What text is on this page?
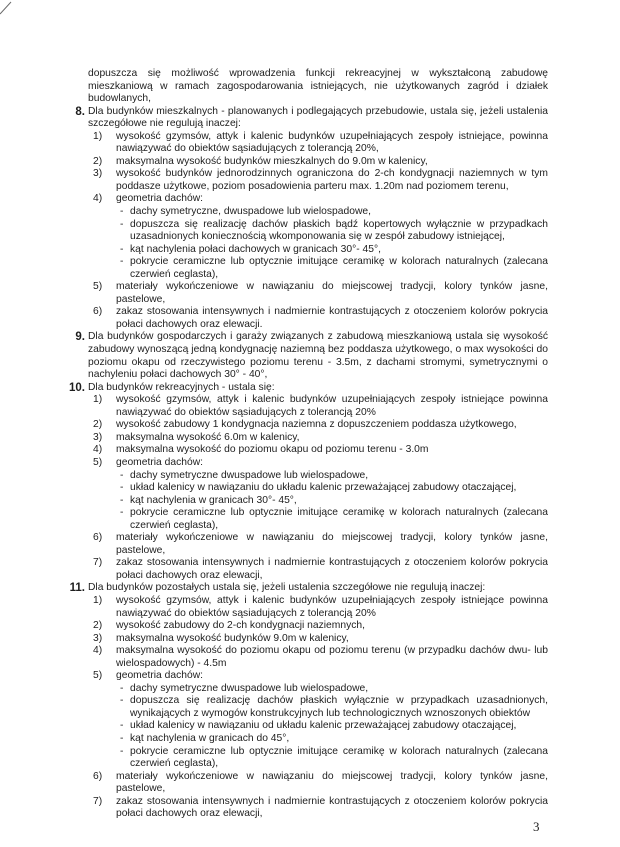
dopuszcza się możliwość wprowadzenia funkcji rekreacyjnej w wykształconą zabudowę mieszkaniową w ramach zagospodarowania istniejących, nie użytkowanych zagród i działek budowlanych,

8. Dla budynków mieszkalnych - planowanych i podlegających przebudowie, ustala się, jeżeli ustalenia szczegółowe nie regulują inaczej:

1) wysokość gzymsów, attyk i kalenic budynków uzupełniających zespoły istniejące, powinna nawiązywać do obiektów sąsiadujących z tolerancją 20%,
2) maksymalna wysokość budynków mieszkalnych do 9.0m w kalenicy,
3) wysokość budynków jednorodzinnych ograniczona do 2-ch kondygnacji naziemnych w tym poddasze użytkowe, poziom posadowienia parteru max. 1.20m nad poziomem terenu,
4) geometria dachów:

- dachy symetryczne, dwuspadowe lub wielospadowe,

- dopuszcza się realizację dachów płaskich bądź kopertowych wyłącznie w przypadkach uzasadnionych koniecznością wkomponowania się w zespół zabudowy istniejącej,

- kąt nachylenia połaci dachowych w granicach 30°- 45°,

- pokrycie ceramiczne lub optycznie imitujące ceramikę w kolorach naturalnych (zalecana czerwień ceglasta),

5) materiały wykończeniowe w nawiązaniu do miejscowej tradycji, kolory tynków jasne, pastelowe,
6) zakaz stosowania intensywnych i nadmiernie kontrastujących z otoczeniem kolorów pokrycia połaci dachowych oraz elewacji.
9. Dla budynków gospodarczych i garaży związanych z zabudową mieszkaniową ustala się wysokość zabudowy wynoszącą jedną kondygnację naziemną bez poddasza użytkowego, o max wysokości do poziomu okapu od rzeczywistego poziomu terenu - 3.5m, z dachami stromymi, symetrycznymi o nachyleniu połaci dachowych 30° - 40°,

10. Dla budynków rekreacyjnych - ustala się:

1) wysokość gzymsów, attyk i kalenic budynków uzupełniających zespoły istniejące powinna nawiązywać do obiektów sąsiadujących z tolerancją 20%
2) wysokość zabudowy 1 kondygnacja naziemna z dopuszczeniem poddasza użytkowego,
3) maksymalna wysokość 6.0m w kalenicy,
4) maksymalna wysokość do poziomu okapu od poziomu terenu - 3.0m
5) geometria dachów:

- dachy symetryczne dwuspadowe lub wielospadowe,

- układ kalenicy w nawiązaniu do układu kalenic przeważającej zabudowy otaczającej,

- kąt nachylenia w granicach 30°- 45°,

- pokrycie ceramiczne lub optycznie imitujące ceramikę w kolorach naturalnych (zalecana czerwień ceglasta),

6) materiały wykończeniowe w nawiązaniu do miejscowej tradycji, kolory tynków jasne, pastelowe,
7) zakaz stosowania intensywnych i nadmiernie kontrastujących z otoczeniem kolorów pokrycia połaci dachowych oraz elewacji,
11. Dla budynków pozostałych ustala się, jeżeli ustalenia szczegółowe nie regulują inaczej:

1) wysokość gzymsów, attyk i kalenic budynków uzupełniających zespoły istniejące powinna nawiązywać do obiektów sąsiadujących z tolerancją 20%
2) wysokość zabudowy do 2-ch kondygnacji naziemnych,
3) maksymalna wysokość budynków 9.0m w kalenicy,
4) maksymalna wysokość do poziomu okapu od poziomu terenu (w przypadku dachów dwu- lub wielospadowych) - 4.5m
5) geometria dachów:

- dachy symetryczne dwuspadowe lub wielospadowe,

- dopuszcza się realizację dachów płaskich wyłącznie w przypadkach uzasadnionych, wynikających z wymogów konstrukcyjnych lub technologicznych wznoszonych obiektów

- układ kalenicy w nawiązaniu od układu kalenic przeważającej zabudowy otaczającej,

- kąt nachylenia w granicach do 45°,

- pokrycie ceramiczne lub optycznie imitujące ceramikę w kolorach naturalnych (zalecana czerwień ceglasta),

6) materiały wykończeniowe w nawiązaniu do miejscowej tradycji, kolory tynków jasne, pastelowe,
7) zakaz stosowania intensywnych i nadmiernie kontrastujących z otoczeniem kolorów pokrycia połaci dachowych oraz elewacji,
3
